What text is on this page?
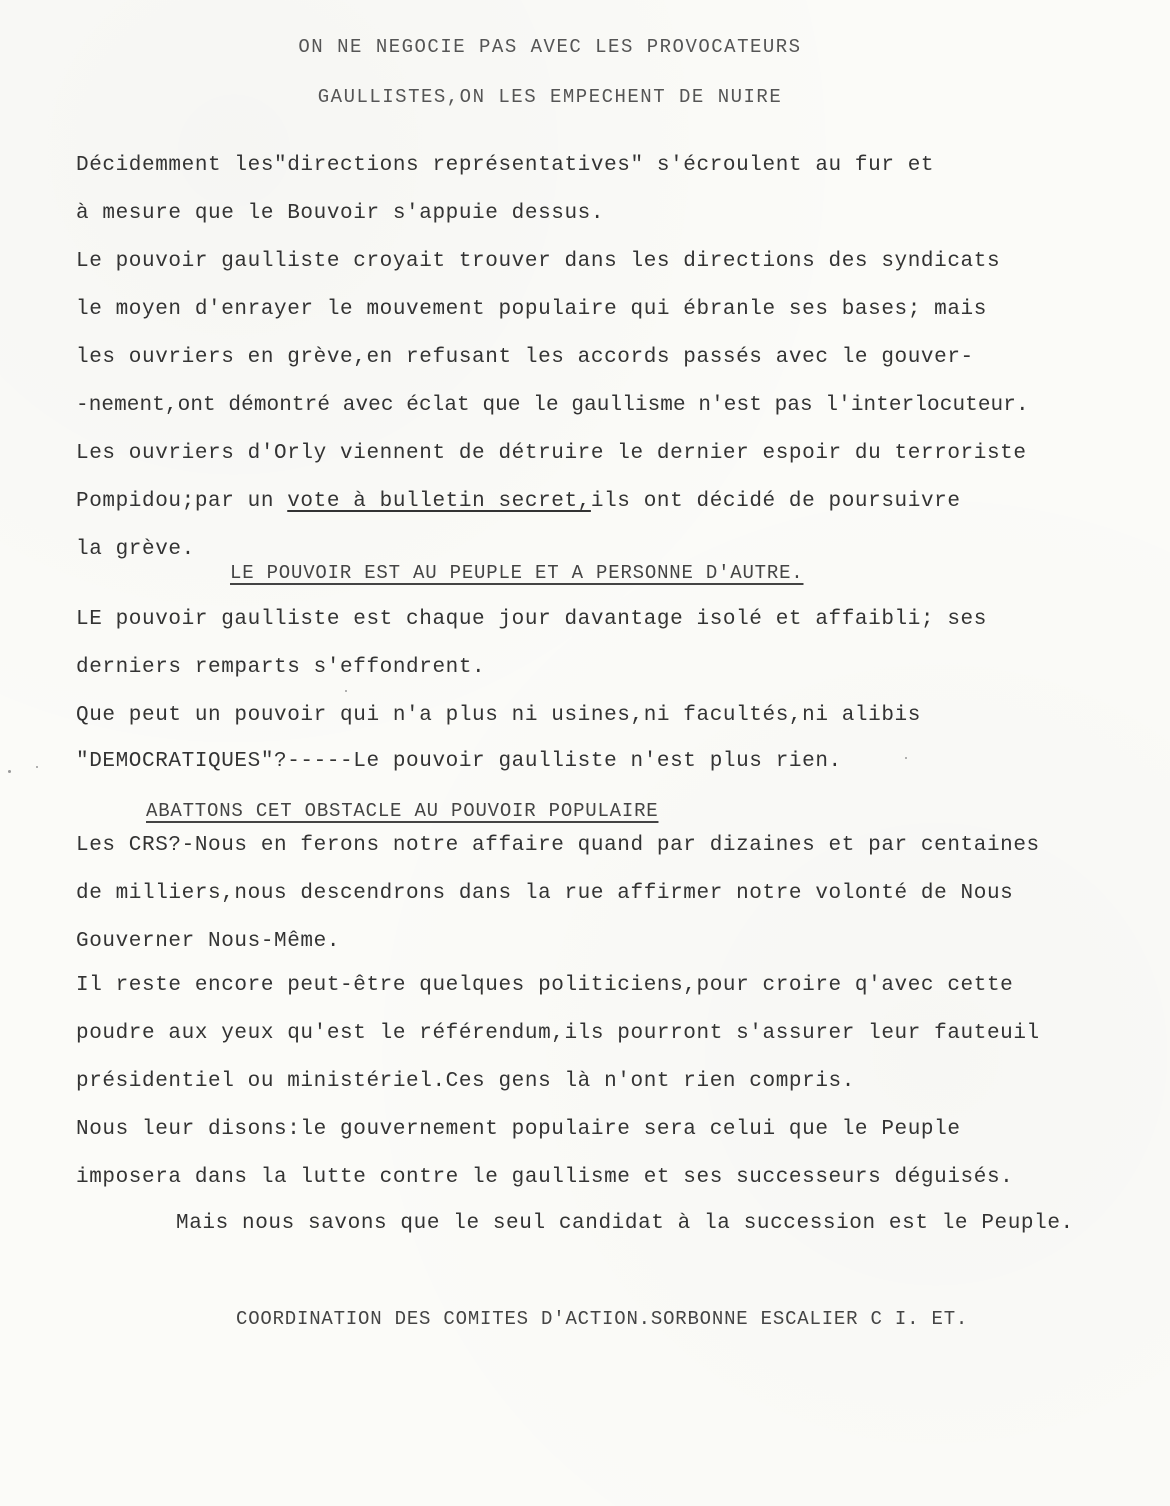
ON NE NEGOCIE PAS AVEC LES PROVOCATEURS
GAULLISTES,ON LES EMPECHENT DE NUIRE
Décidemment les"directions représentatives" s'écroulent au fur et
à mesure que le Bouvoir s'appuie dessus.
Le pouvoir gaulliste croyait trouver dans les directions des syndicats
le moyen d'enrayer le mouvement populaire qui ébranle ses bases; mais
les ouvriers en grève,en refusant les accords passés avec le gouver-
-nement,ont démontré avec éclat que le gaullisme n'est pas l'interlocuteur.
Les ouvriers d'Orly viennent de détruire le dernier espoir du terroriste
Pompidou;par un vote à bulletin secret,ils ont décidé de poursuivre
la grève.
LE POUVOIR EST AU PEUPLE ET A PERSONNE D'AUTRE.
LE pouvoir gaulliste est chaque jour davantage isolé et affaibli; ses
derniers remparts s'effondrent.
Que peut un pouvoir qui n'a plus ni usines,ni facultés,ni alibis
"DEMOCRATIQUES"?-----Le pouvoir gaulliste n'est plus rien.
ABATTONS CET OBSTACLE AU POUVOIR POPULAIRE
Les CRS?-Nous en ferons notre affaire quand par dizaines et par centaines
de milliers,nous descendrons dans la rue affirmer notre volonté de Nous
Gouverner Nous-Même.
Il reste encore peut-être quelques politiciens,pour croire q'avec cette
poudre aux yeux qu'est le référendum,ils pourront s'assurer leur fauteuil
présidentiel ou ministériel.Ces gens là n'ont rien compris.
Nous leur disons:le gouvernement populaire sera celui que le Peuple
imposera dans la lutte contre le gaullisme et ses successeurs déguisés.
Mais nous savons que le seul candidat à la succession est le Peuple.
COORDINATION DES COMITES D'ACTION.SORBONNE ESCALIER C I. ET.
